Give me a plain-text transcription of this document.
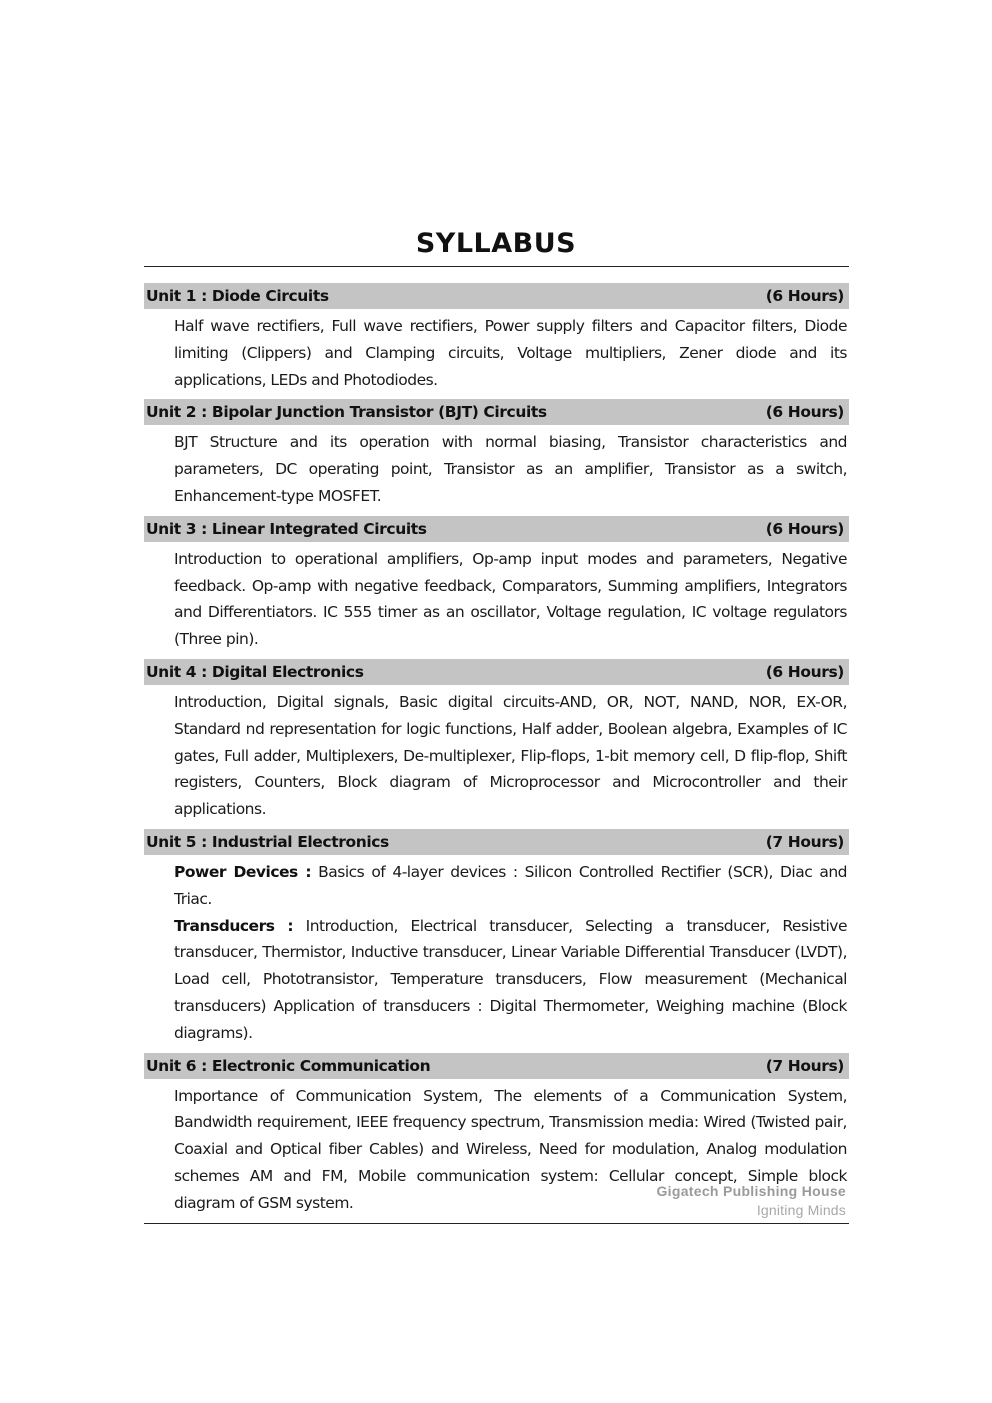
SYLLABUS
Unit 1 : Diode Circuits	(6 Hours)

Half wave rectifiers, Full wave rectifiers, Power supply filters and Capacitor filters, Diode limiting (Clippers) and Clamping circuits, Voltage multipliers, Zener diode and its applications, LEDs and Photodiodes.

Unit 2 : Bipolar Junction Transistor (BJT) Circuits	(6 Hours)

BJT Structure and its operation with normal biasing, Transistor characteristics and parameters, DC operating point, Transistor as an amplifier, Transistor as a switch, Enhancement-type MOSFET.

Unit 3 : Linear Integrated Circuits	(6 Hours)

Introduction to operational amplifiers, Op-amp input modes and parameters, Negative feedback. Op-amp with negative feedback, Comparators, Summing amplifiers, Integrators and Differentiators. IC 555 timer as an oscillator, Voltage regulation, IC voltage regulators (Three pin).

Unit 4 : Digital Electronics	(6 Hours)

Introduction, Digital signals, Basic digital circuits-AND, OR, NOT, NAND, NOR, EX-OR, Standard nd representation for logic functions, Half adder, Boolean algebra, Examples of IC gates, Full adder, Multiplexers, De-multiplexer, Flip-flops, 1-bit memory cell, D flip-flop, Shift registers, Counters, Block diagram of Microprocessor and Microcontroller and their applications.

Unit 5 : Industrial Electronics	(7 Hours)

Power Devices : Basics of 4-layer devices : Silicon Controlled Rectifier (SCR), Diac and Triac.

Transducers : Introduction, Electrical transducer, Selecting a transducer, Resistive transducer, Thermistor, Inductive transducer, Linear Variable Differential Transducer (LVDT), Load cell, Phototransistor, Temperature transducers, Flow measurement (Mechanical transducers) Application of transducers : Digital Thermometer, Weighing machine (Block diagrams).

Unit 6 : Electronic Communication	(7 Hours)

Importance of Communication System, The elements of a Communication System, Bandwidth requirement, IEEE frequency spectrum, Transmission media: Wired (Twisted pair, Coaxial and Optical fiber Cables) and Wireless, Need for modulation, Analog modulation schemes AM and FM, Mobile communication system: Cellular concept, Simple block diagram of GSM system.

Gigatech Publishing House
Igniting Minds
